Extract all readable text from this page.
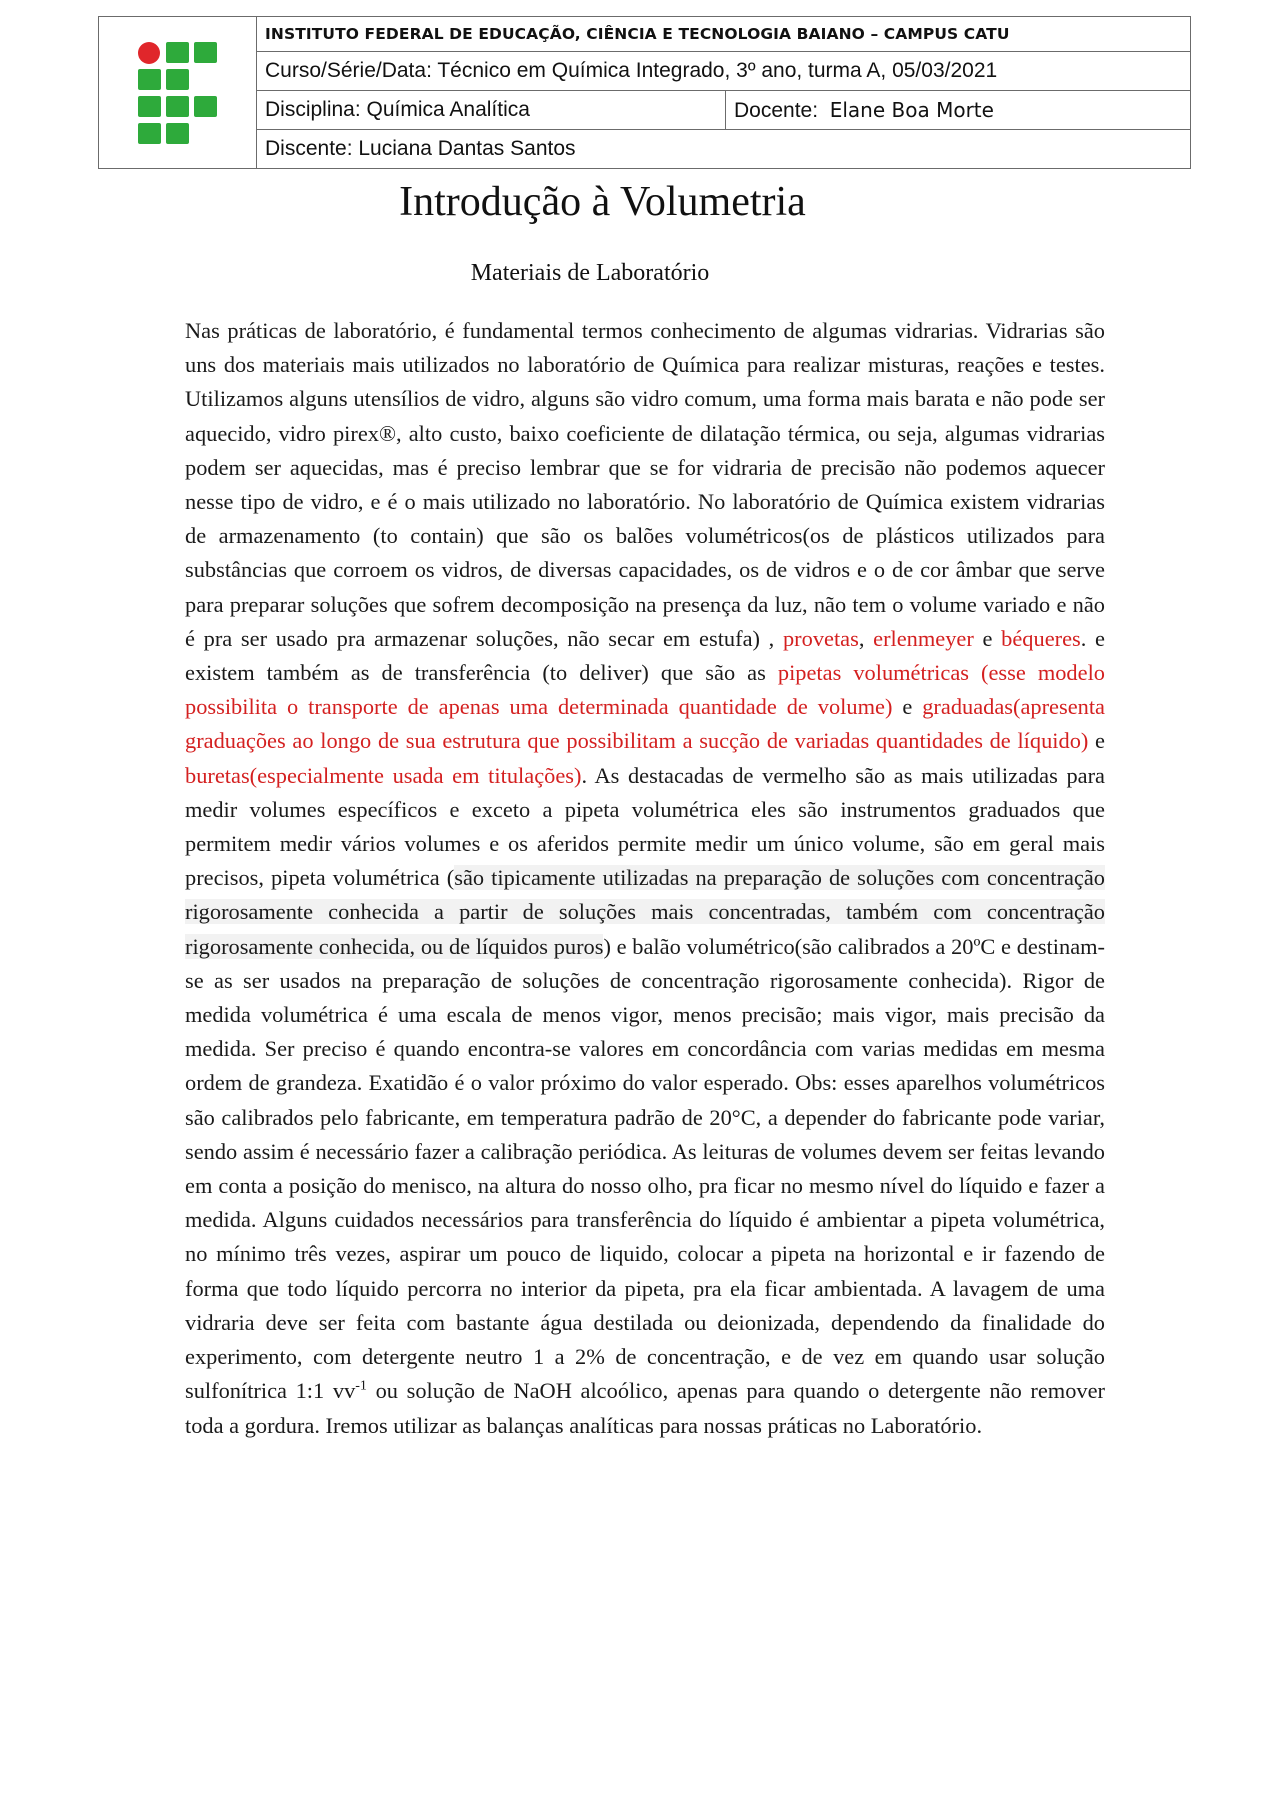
	INSTITUTO FEDERAL DE EDUCAÇÃO, CIÊNCIA E TECNOLOGIA BAIANO – CAMPUS CATU	
	Curso/Série/Data: Técnico em Química Integrado, 3º ano, turma A, 05/03/2021	
	Disciplina: Química Analítica	Docente: Elane Boa Morte
	Discente: Luciana Dantas Santos	
Introdução à Volumetria

Materiais de Laboratório

Nas práticas de laboratório, é fundamental termos conhecimento de algumas vidrarias. Vidrarias são uns dos materiais mais utilizados no laboratório de Química para realizar misturas, reações e testes. Utilizamos alguns utensílios de vidro, alguns são vidro comum, uma forma mais barata e não pode ser aquecido, vidro pirex®, alto custo, baixo coeficiente de dilatação térmica, ou seja, algumas vidrarias podem ser aquecidas, mas é preciso lembrar que se for vidraria de precisão não podemos aquecer nesse tipo de vidro, e é o mais utilizado no laboratório. No laboratório de Química existem vidrarias de armazenamento (to contain) que são os balões volumétricos(os de plásticos utilizados para substâncias que corroem os vidros, de diversas capacidades, os de vidros e o de cor âmbar que serve para preparar soluções que sofrem decomposição na presença da luz, não tem o volume variado e não é pra ser usado pra armazenar soluções, não secar em estufa) , provetas, erlenmeyer e béqueres. e existem também as de transferência (to deliver) que são as pipetas volumétricas (esse modelo possibilita o transporte de apenas uma determinada quantidade de volume) e graduadas(apresenta graduações ao longo de sua estrutura que possibilitam a sucção de variadas quantidades de líquido) e buretas(especialmente usada em titulações). As destacadas de vermelho são as mais utilizadas para medir volumes específicos e exceto a pipeta volumétrica eles são instrumentos graduados que permitem medir vários volumes e os aferidos permite medir um único volume, são em geral mais precisos, pipeta volumétrica (são tipicamente utilizadas na preparação de soluções com concentração rigorosamente conhecida a partir de soluções mais concentradas, também com concentração rigorosamente conhecida, ou de líquidos puros) e balão volumétrico(são calibrados a 20ºC e destinam-se as ser usados na preparação de soluções de concentração rigorosamente conhecida). Rigor de medida volumétrica é uma escala de menos vigor, menos precisão; mais vigor, mais precisão da medida. Ser preciso é quando encontra-se valores em concordância com varias medidas em mesma ordem de grandeza. Exatidão é o valor próximo do valor esperado. Obs: esses aparelhos volumétricos são calibrados pelo fabricante, em temperatura padrão de 20°C, a depender do fabricante pode variar, sendo assim é necessário fazer a calibração periódica. As leituras de volumes devem ser feitas levando em conta a posição do menisco, na altura do nosso olho, pra ficar no mesmo nível do líquido e fazer a medida. Alguns cuidados necessários para transferência do líquido é ambientar a pipeta volumétrica, no mínimo três vezes, aspirar um pouco de liquido, colocar a pipeta na horizontal e ir fazendo de forma que todo líquido percorra no interior da pipeta, pra ela ficar ambientada. A lavagem de uma vidraria deve ser feita com bastante água destilada ou deionizada, dependendo da finalidade do experimento, com detergente neutro 1 a 2% de concentração, e de vez em quando usar solução sulfonítrica 1:1 $vv^{-1}$ ou solução de NaOH alcoólico, apenas para quando o detergente não remover toda a gordura. Iremos utilizar as balanças analíticas para nossas práticas no Laboratório.
